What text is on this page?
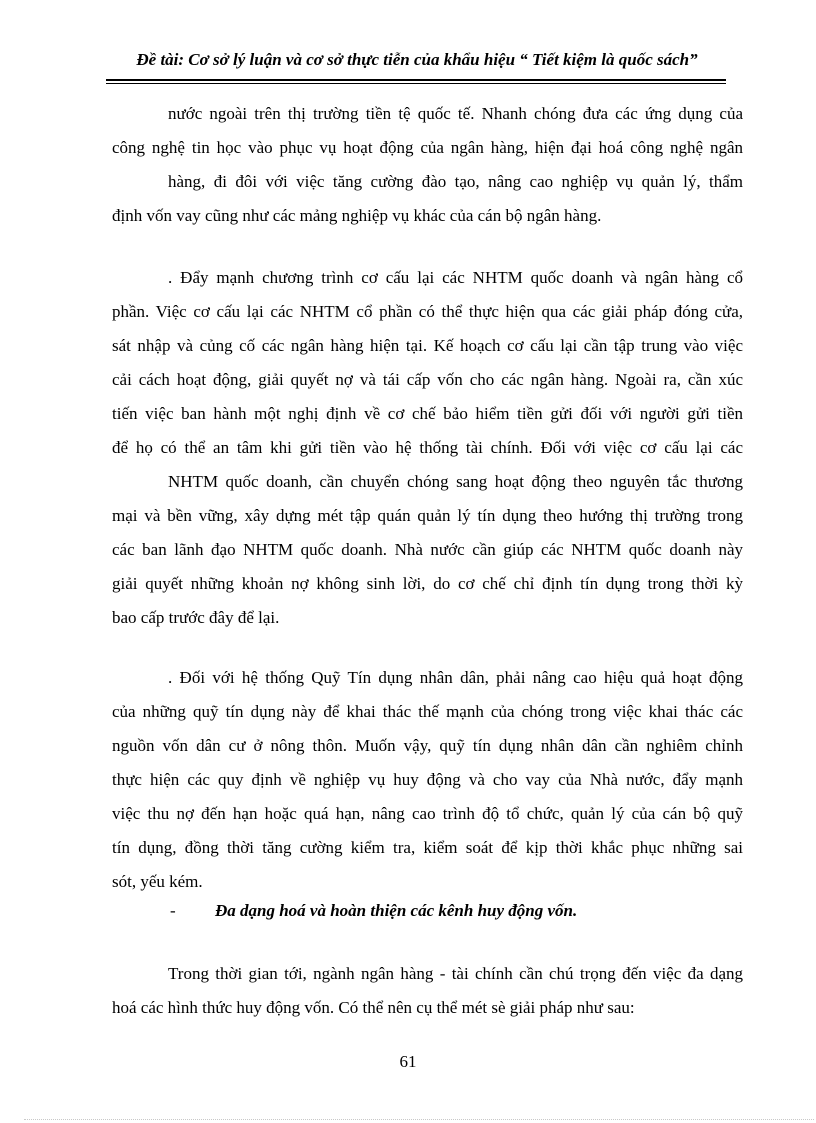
Đề tài: Cơ sở lý luận và cơ sở thực tiễn của khẩu hiệu “ Tiết kiệm là quốc sách”
nước ngoài trên thị trường tiền tệ quốc tế. Nhanh chóng đưa các ứng dụng của
công nghệ tin học vào phục vụ hoạt động của ngân hàng, hiện đại hoá công nghệ ngân
hàng, đi đôi với việc tăng cường đào tạo, nâng cao nghiệp vụ quản lý, thẩm
định vốn vay cũng như các mảng nghiệp vụ khác của cán bộ ngân hàng.
. Đẩy mạnh chương trình cơ cấu lại các NHTM quốc doanh và ngân hàng cổ
phần. Việc cơ cấu lại các NHTM cổ phần có thể thực hiện qua các giải pháp đóng cửa,
sát nhập và củng cố các ngân hàng hiện tại. Kế hoạch cơ cấu lại cần tập trung vào việc
cải cách hoạt động, giải quyết nợ và tái cấp vốn cho các ngân hàng. Ngoài ra, cần xúc
tiến việc ban hành một nghị định về cơ chế bảo hiểm tiền gửi đối với người gửi tiền
để họ có thể an tâm khi gửi tiền vào hệ thống tài chính. Đối với việc cơ cấu lại các
NHTM quốc doanh, cần chuyển chóng sang hoạt động theo nguyên tắc thương
mại và bền vững, xây dựng mét tập quán quản lý tín dụng theo hướng thị trường trong
các ban lãnh đạo NHTM quốc doanh. Nhà nước cần giúp các NHTM quốc doanh này
giải quyết những khoản nợ không sinh lời, do cơ chế chỉ định tín dụng trong thời kỳ
bao cấp trước đây để lại.
. Đối với hệ thống Quỹ Tín dụng nhân dân, phải nâng cao hiệu quả hoạt động
của những quỹ tín dụng này để khai thác thế mạnh của chóng trong việc khai thác các
nguồn vốn dân cư ở nông thôn. Muốn vậy, quỹ tín dụng nhân dân cần nghiêm chỉnh
thực hiện các quy định về nghiệp vụ huy động và cho vay của Nhà nước, đẩy mạnh
việc thu nợ đến hạn hoặc quá hạn, nâng cao trình độ tổ chức, quản lý của cán bộ quỹ
tín dụng, đồng thời tăng cường kiểm tra, kiểm soát để kịp thời khắc phục những sai
sót, yếu kém.
- Đa dạng hoá và hoàn thiện các kênh huy động vốn.
Trong thời gian tới, ngành ngân hàng - tài chính cần chú trọng đến việc đa dạng
hoá các hình thức huy động vốn. Có thể nên cụ thể mét sè giải pháp như sau:
61
